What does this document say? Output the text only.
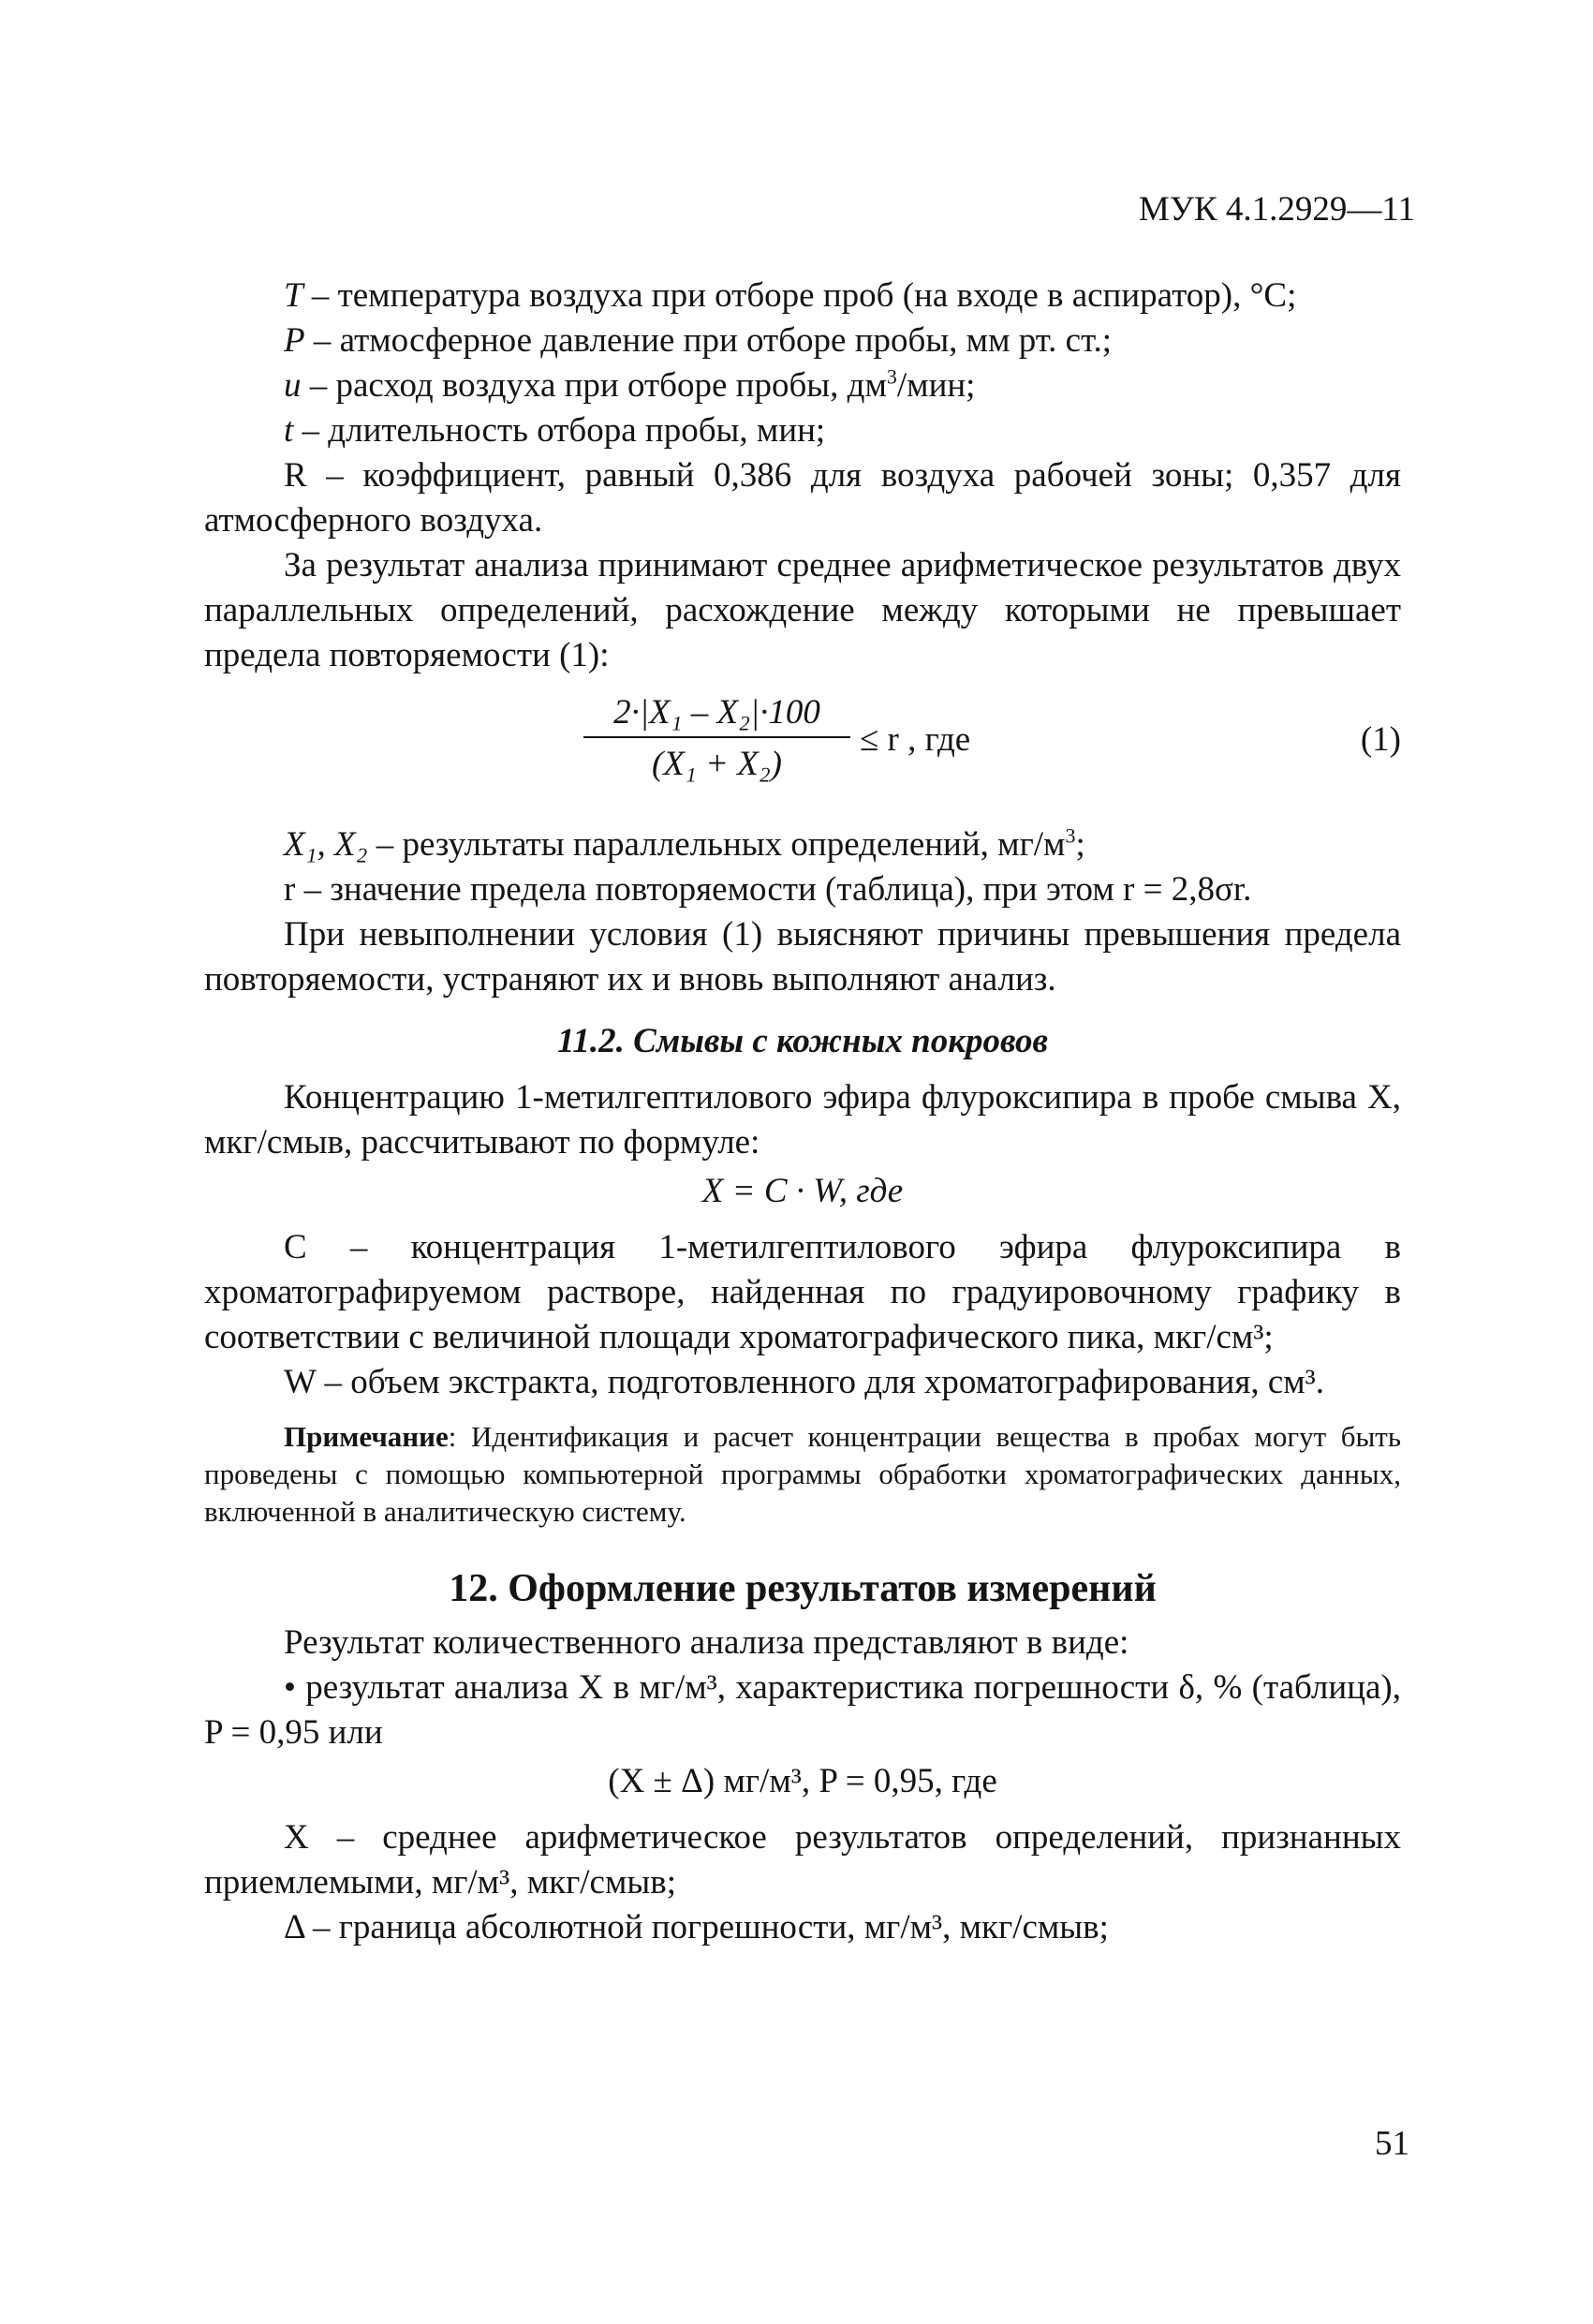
МУК 4.1.2929—11

T – температура воздуха при отборе проб (на входе в аспиратор), °С;

P – атмосферное давление при отборе пробы, мм рт. ст.;

u – расход воздуха при отборе пробы, $дм^3$/мин;

t – длительность отбора пробы, мин;

R – коэффициент, равный 0,386 для воздуха рабочей зоны; 0,357 для атмосферного воздуха.

За результат анализа принимают среднее арифметическое результатов двух параллельных определений, расхождение между которыми не превышает предела повторяемости (1):

$\frac{\text{2·|X₁ – X₂|·100}}{\text{(X₁ + X₂)}} \le r$ , где	(1)

X₁, X₂ – результаты параллельных определений, $мг/м^3$;

r – значение предела повторяемости (таблица), при этом r = 2,8σr.

При невыполнении условия (1) выясняют причины превышения предела повторяемости, устраняют их и вновь выполняют анализ.

11.2. Смывы с кожных покровов

Концентрацию 1-метилгептилового эфира флуроксипира в пробе смыва X, мкг/смыв, рассчитывают по формуле:

X = C · W, где

C – концентрация 1-метилгептилового эфира флуроксипира в хроматографируемом растворе, найденная по градуировочному графику в соответствии с величиной площади хроматографического пика, мкг/см³;

W – объем экстракта, подготовленного для хроматографирования, см³.

Примечание: Идентификация и расчет концентрации вещества в пробах могут быть проведены с помощью компьютерной программы обработки хроматографических данных, включенной в аналитическую систему.

12. Оформление результатов измерений

Результат количественного анализа представляют в виде:

• результат анализа X в мг/м³, характеристика погрешности δ, % (таблица), P = 0,95 или

(X ± Δ) мг/м³, P = 0,95, где

X – среднее арифметическое результатов определений, признанных приемлемыми, мг/м³, мкг/смыв;

Δ – граница абсолютной погрешности, мг/м³, мкг/смыв;

51
